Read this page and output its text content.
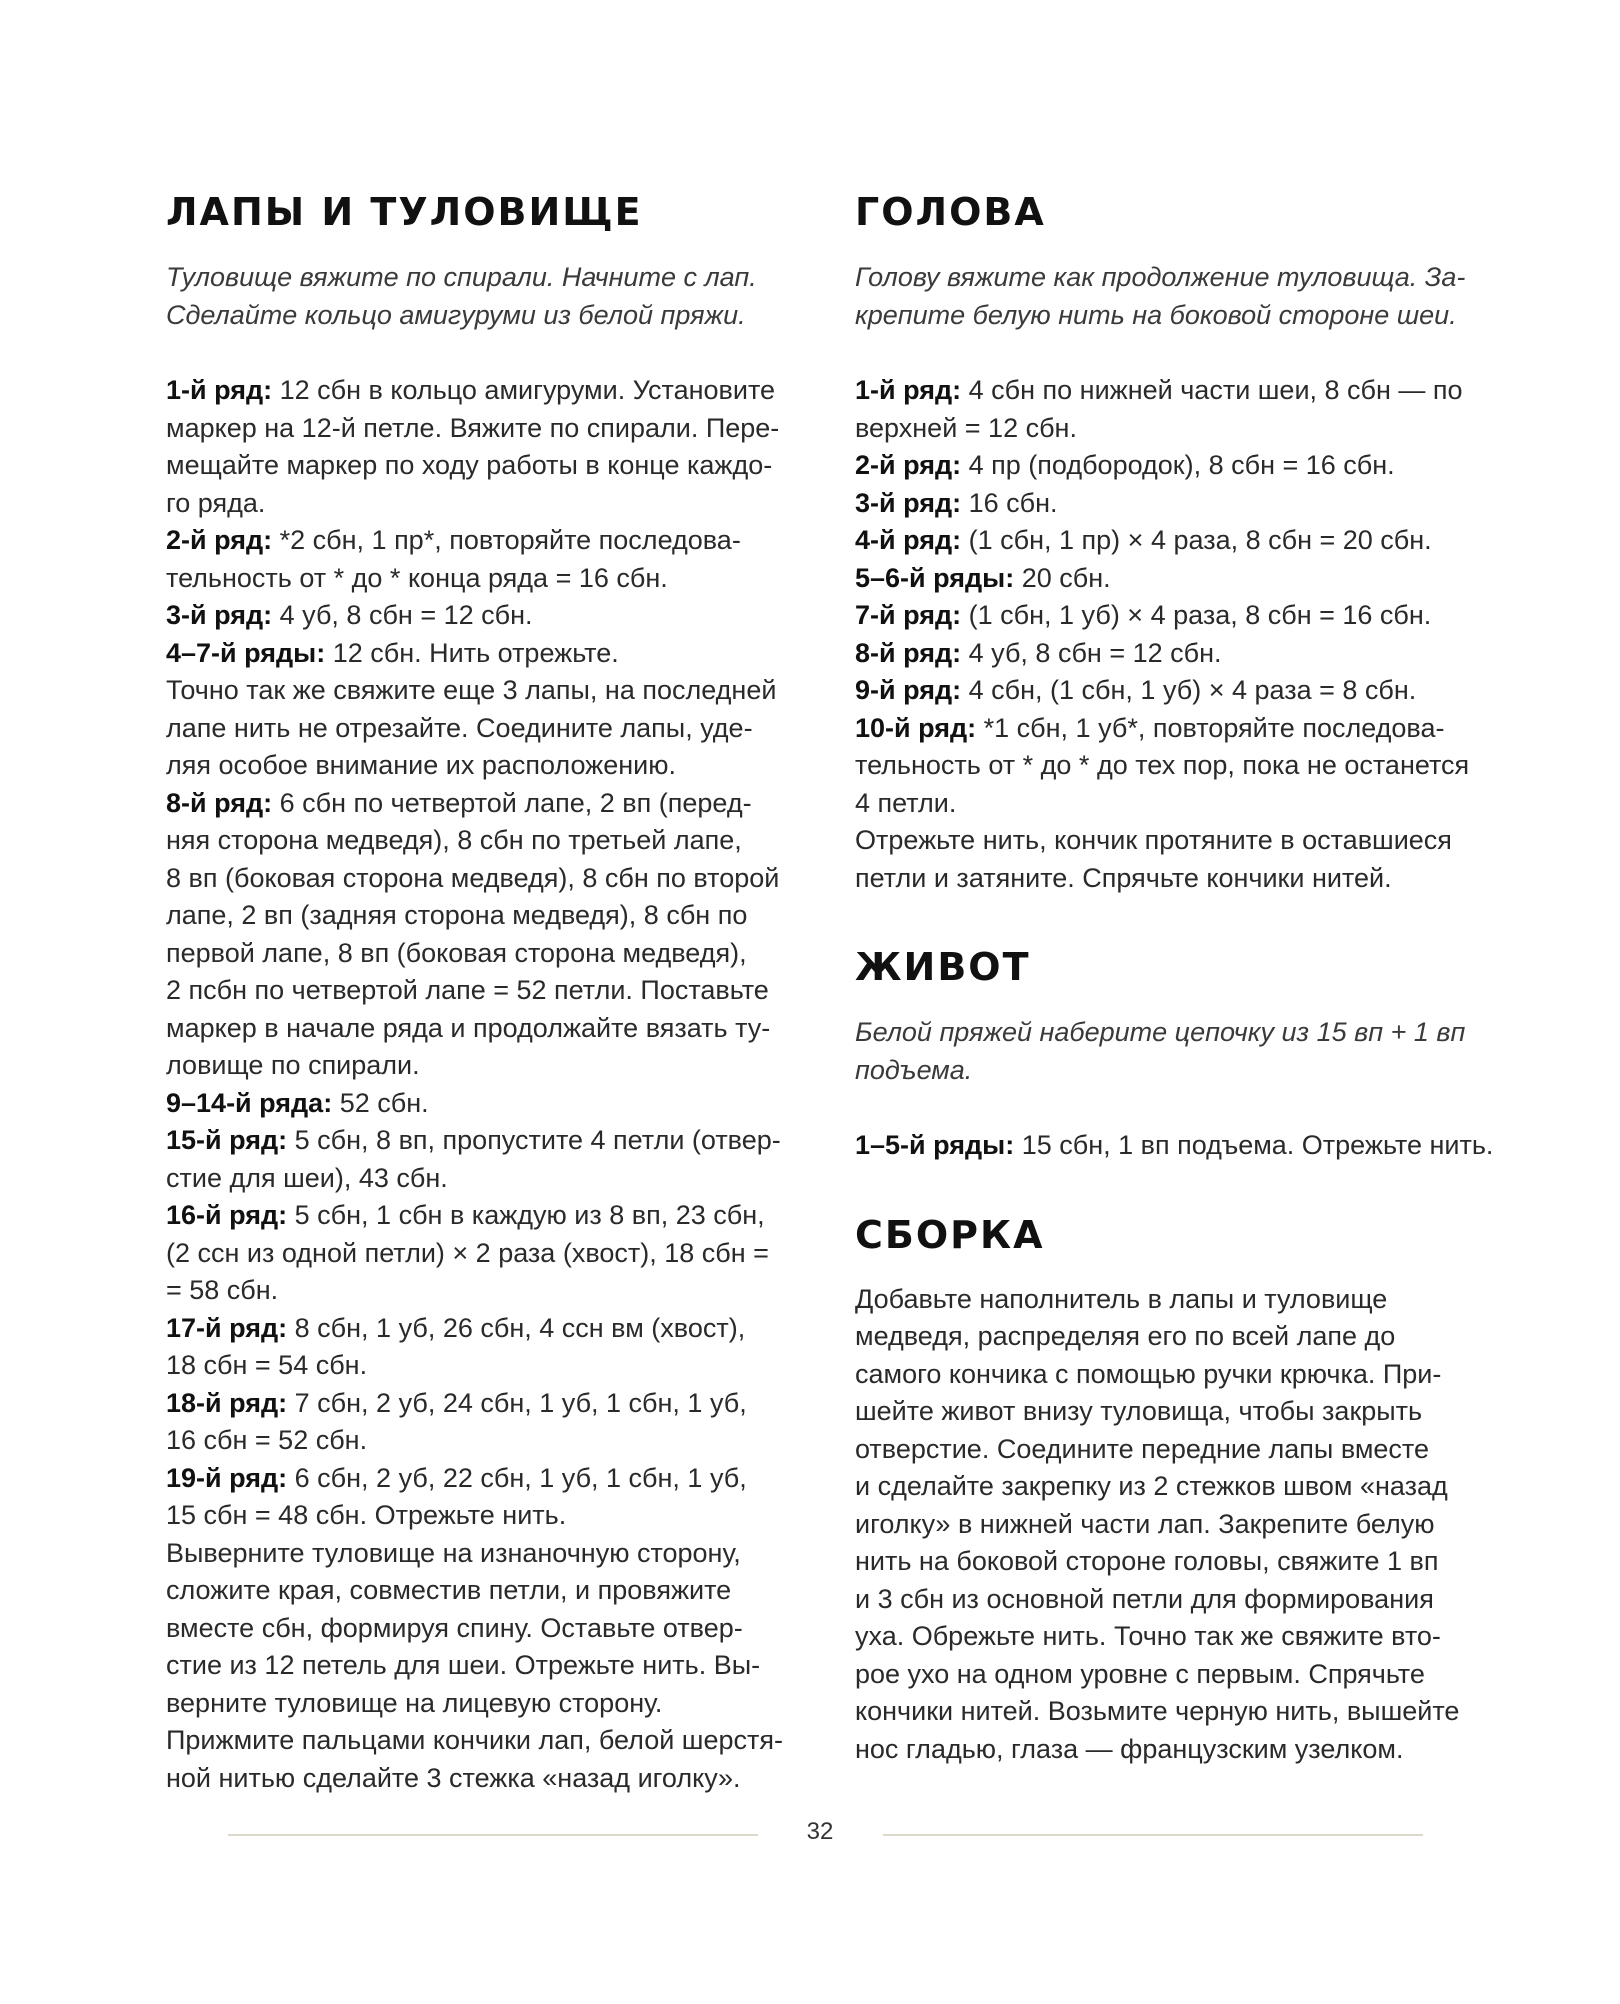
ЛАПЫ И ТУЛОВИЩЕ

Туловище вяжите по спирали. Начните с лап.
Сделайте кольцо амигуруми из белой пряжи.

1-й ряд: 12 сбн в кольцо амигуруми. Установите
маркер на 12-й петле. Вяжите по спирали. Пере-
мещайте маркер по ходу работы в конце каждо-
го ряда.
2-й ряд: *2 сбн, 1 пр*, повторяйте последова-
тельность от * до * конца ряда = 16 сбн.
3-й ряд: 4 уб, 8 сбн = 12 сбн.
4–7-й ряды: 12 сбн. Нить отрежьте.
Точно так же свяжите еще 3 лапы, на последней
лапе нить не отрезайте. Соедините лапы, уде-
ляя особое внимание их расположению.
8-й ряд: 6 сбн по четвертой лапе, 2 вп (перед-
няя сторона медведя), 8 сбн по третьей лапе,
8 вп (боковая сторона медведя), 8 сбн по второй
лапе, 2 вп (задняя сторона медведя), 8 сбн по
первой лапе, 8 вп (боковая сторона медведя),
2 псбн по четвертой лапе = 52 петли. Поставьте
маркер в начале ряда и продолжайте вязать ту-
ловище по спирали.
9–14-й ряда: 52 сбн.
15-й ряд: 5 сбн, 8 вп, пропустите 4 петли (отвер-
стие для шеи), 43 сбн.
16-й ряд: 5 сбн, 1 сбн в каждую из 8 вп, 23 сбн,
(2 ссн из одной петли) × 2 раза (хвост), 18 сбн =
= 58 сбн.
17-й ряд: 8 сбн, 1 уб, 26 сбн, 4 ссн вм (хвост),
18 сбн = 54 сбн.
18-й ряд: 7 сбн, 2 уб, 24 сбн, 1 уб, 1 сбн, 1 уб,
16 сбн = 52 сбн.
19-й ряд: 6 сбн, 2 уб, 22 сбн, 1 уб, 1 сбн, 1 уб,
15 сбн = 48 сбн. Отрежьте нить.
Выверните туловище на изнаночную сторону,
сложите края, совместив петли, и провяжите
вместе сбн, формируя спину. Оставьте отвер-
стие из 12 петель для шеи. Отрежьте нить. Вы-
верните туловище на лицевую сторону.
Прижмите пальцами кончики лап, белой шерстя-
ной нитью сделайте 3 стежка «назад иголку».
ГОЛОВА

Голову вяжите как продолжение туловища. За-
крепите белую нить на боковой стороне шеи.

1-й ряд: 4 сбн по нижней части шеи, 8 сбн — по
верхней = 12 сбн.
2-й ряд: 4 пр (подбородок), 8 сбн = 16 сбн.
3-й ряд: 16 сбн.
4-й ряд: (1 сбн, 1 пр) × 4 раза, 8 сбн = 20 сбн.
5–6-й ряды: 20 сбн.
7-й ряд: (1 сбн, 1 уб) × 4 раза, 8 сбн = 16 сбн.
8-й ряд: 4 уб, 8 сбн = 12 сбн.
9-й ряд: 4 сбн, (1 сбн, 1 уб) × 4 раза = 8 сбн.
10-й ряд: *1 сбн, 1 уб*, повторяйте последова-
тельность от * до * до тех пор, пока не останется
4 петли.
Отрежьте нить, кончик протяните в оставшиеся
петли и затяните. Спрячьте кончики нитей.
ЖИВОТ

Белой пряжей наберите цепочку из 15 вп + 1 вп
подъема.

1–5-й ряды: 15 сбн, 1 вп подъема. Отрежьте нить.
СБОРКА
Добавьте наполнитель в лапы и туловище
медведя, распределяя его по всей лапе до
самого кончика с помощью ручки крючка. При-
шейте живот внизу туловища, чтобы закрыть
отверстие. Соедините передние лапы вместе
и сделайте закрепку из 2 стежков швом «назад
иголку» в нижней части лап. Закрепите белую
нить на боковой стороне головы, свяжите 1 вп
и 3 сбн из основной петли для формирования
уха. Обрежьте нить. Точно так же свяжите вто-
рое ухо на одном уровне с первым. Спрячьте
кончики нитей. Возьмите черную нить, вышейте
нос гладью, глаза — французским узелком.
32
